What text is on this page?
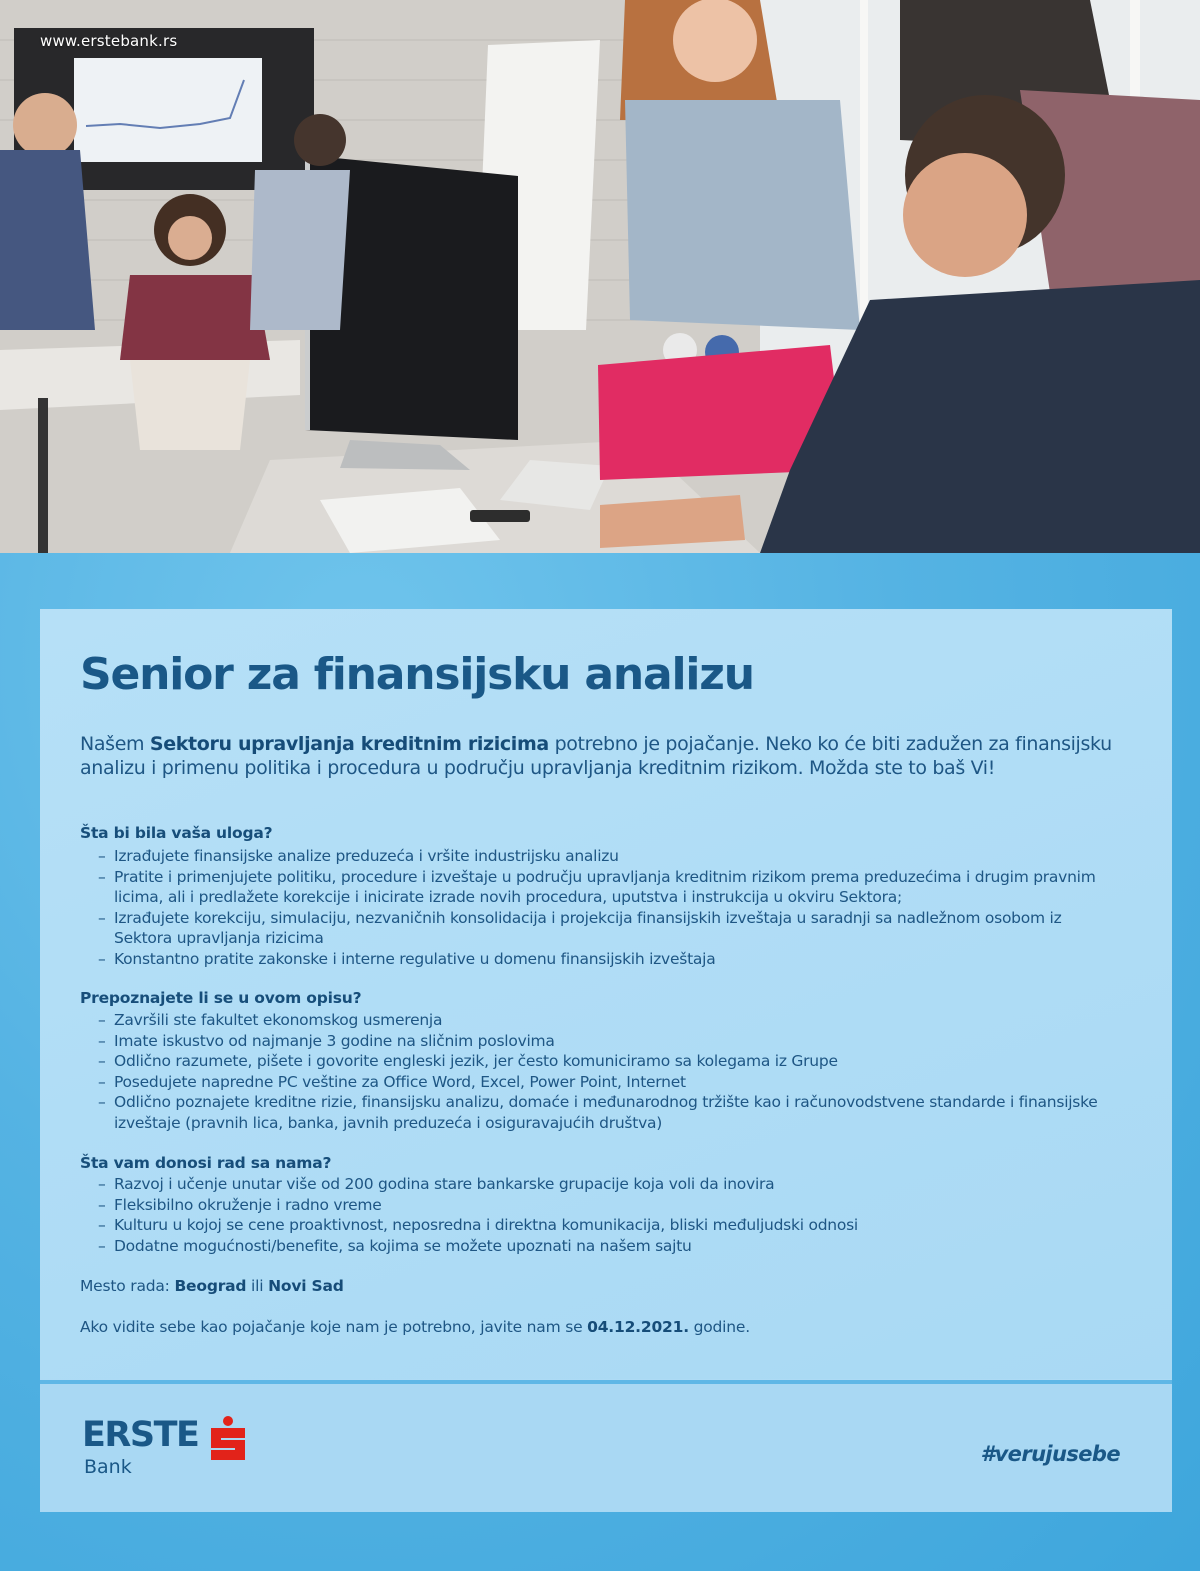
www.erstebank.rs
Senior za finansijsku analizu
Našem Sektoru upravljanja kreditnim rizicima potrebno je pojačanje. Neko ko će biti zadužen za finansijsku analizu i primenu politika i procedura u području upravljanja kreditnim rizikom. Možda ste to baš Vi!
Šta bi bila vaša uloga?
– Izrađujete finansijske analize preduzeća i vršite industrijsku analizu
– Pratite i primenjujete politiku, procedure i izveštaje u području upravljanja kreditnim rizikom prema preduzećima i drugim pravnim licima, ali i predlažete korekcije i inicirate izrade novih procedura, uputstva i instrukcija u okviru Sektora;
– Izrađujete korekciju, simulaciju, nezvaničnih konsolidacija i projekcija finansijskih izveštaja u saradnji sa nadležnom osobom iz Sektora upravljanja rizicima
– Konstantno pratite zakonske i interne regulative u domenu finansijskih izveštaja
Prepoznajete li se u ovom opisu?
– Završili ste fakultet ekonomskog usmerenja
– Imate iskustvo od najmanje 3 godine na sličnim poslovima
– Odlično razumete, pišete i govorite engleski jezik, jer često komuniciramo sa kolegama iz Grupe
– Posedujete napredne PC veštine za Office Word, Excel, Power Point, Internet
– Odlično poznajete kreditne rizie, finansijsku analizu, domaće i međunarodnog tržište kao i računovodstvene standarde i finansijske izveštaje (pravnih lica, banka, javnih preduzeća i osiguravajućih društva)
Šta vam donosi rad sa nama?
– Razvoj i učenje unutar više od 200 godina stare bankarske grupacije koja voli da inovira
– Fleksibilno okruženje i radno vreme
– Kulturu u kojoj se cene proaktivnost, neposredna i direktna komunikacija, bliski međuljudski odnosi
– Dodatne mogućnosti/benefite, sa kojima se možete upoznati na našem sajtu
Mesto rada: Beograd ili Novi Sad
Ako vidite sebe kao pojačanje koje nam je potrebno, javite nam se 04.12.2021. godine.
ERSTE
Bank
#verujusebe
